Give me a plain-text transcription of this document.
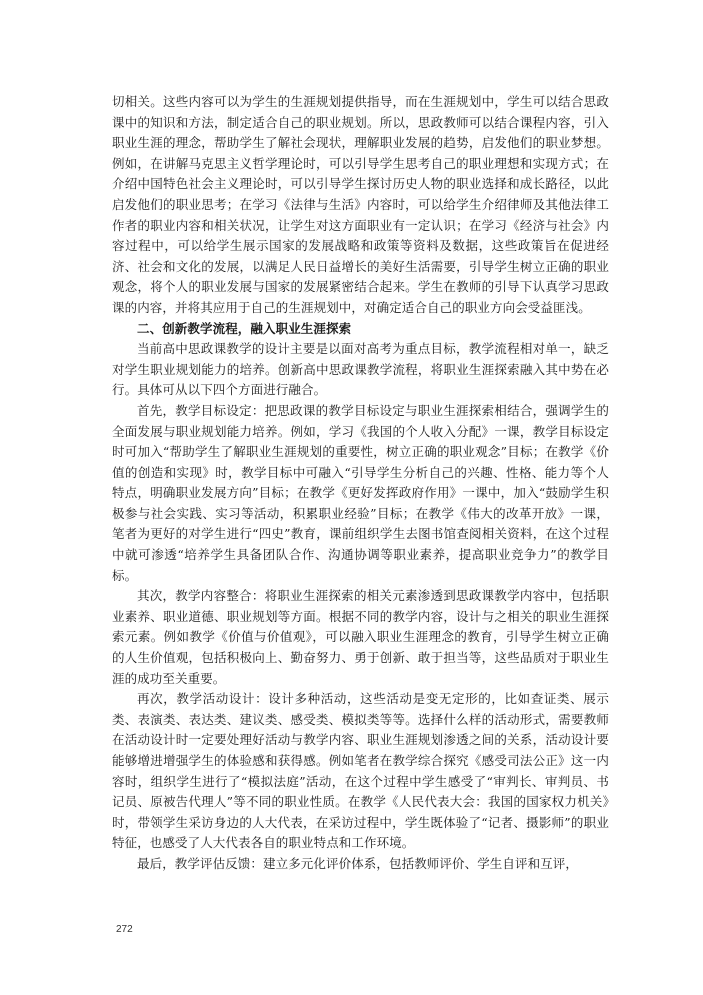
切相关。这些内容可以为学生的生涯规划提供指导，而在生涯规划中，学生可以结合思政课中的知识和方法，制定适合自己的职业规划。所以，思政教师可以结合课程内容，引入职业生涯的理念，帮助学生了解社会现状，理解职业发展的趋势，启发他们的职业梦想。例如，在讲解马克思主义哲学理论时，可以引导学生思考自己的职业理想和实现方式；在介绍中国特色社会主义理论时，可以引导学生探讨历史人物的职业选择和成长路径，以此启发他们的职业思考；在学习《法律与生活》内容时，可以给学生介绍律师及其他法律工作者的职业内容和相关状况，让学生对这方面职业有一定认识；在学习《经济与社会》内容过程中，可以给学生展示国家的发展战略和政策等资料及数据，这些政策旨在促进经济、社会和文化的发展，以满足人民日益增长的美好生活需要，引导学生树立正确的职业观念，将个人的职业发展与国家的发展紧密结合起来。学生在教师的引导下认真学习思政课的内容，并将其应用于自己的生涯规划中，对确定适合自己的职业方向会受益匪浅。

二、创新教学流程，融入职业生涯探索

当前高中思政课教学的设计主要是以面对高考为重点目标，教学流程相对单一，缺乏对学生职业规划能力的培养。创新高中思政课教学流程，将职业生涯探索融入其中势在必行。具体可从以下四个方面进行融合。

首先，教学目标设定：把思政课的教学目标设定与职业生涯探索相结合，强调学生的全面发展与职业规划能力培养。例如，学习《我国的个人收入分配》一课，教学目标设定时可加入“帮助学生了解职业生涯规划的重要性，树立正确的职业观念”目标；在教学《价值的创造和实现》时，教学目标中可融入“引导学生分析自己的兴趣、性格、能力等个人特点，明确职业发展方向”目标；在教学《更好发挥政府作用》一课中，加入“鼓励学生积极参与社会实践、实习等活动，积累职业经验”目标；在教学《伟大的改革开放》一课，笔者为更好的对学生进行“四史”教育，课前组织学生去图书馆查阅相关资料，在这个过程中就可渗透“培养学生具备团队合作、沟通协调等职业素养，提高职业竞争力”的教学目标。

其次，教学内容整合：将职业生涯探索的相关元素渗透到思政课教学内容中，包括职业素养、职业道德、职业规划等方面。根据不同的教学内容，设计与之相关的职业生涯探索元素。例如教学《价值与价值观》，可以融入职业生涯理念的教育，引导学生树立正确的人生价值观，包括积极向上、勤奋努力、勇于创新、敢于担当等，这些品质对于职业生涯的成功至关重要。

再次，教学活动设计：设计多种活动，这些活动是变无定形的，比如查证类、展示类、表演类、表达类、建议类、感受类、模拟类等等。选择什么样的活动形式，需要教师在活动设计时一定要处理好活动与教学内容、职业生涯规划渗透之间的关系，活动设计要能够增进增强学生的体验感和获得感。例如笔者在教学综合探究《感受司法公正》这一内容时，组织学生进行了“模拟法庭”活动，在这个过程中学生感受了“审判长、审判员、书记员、原被告代理人”等不同的职业性质。在教学《人民代表大会：我国的国家权力机关》时，带领学生采访身边的人大代表，在采访过程中，学生既体验了“记者、摄影师”的职业特征，也感受了人大代表各自的职业特点和工作环境。

最后，教学评估反馈：建立多元化评价体系，包括教师评价、学生自评和互评，

272
